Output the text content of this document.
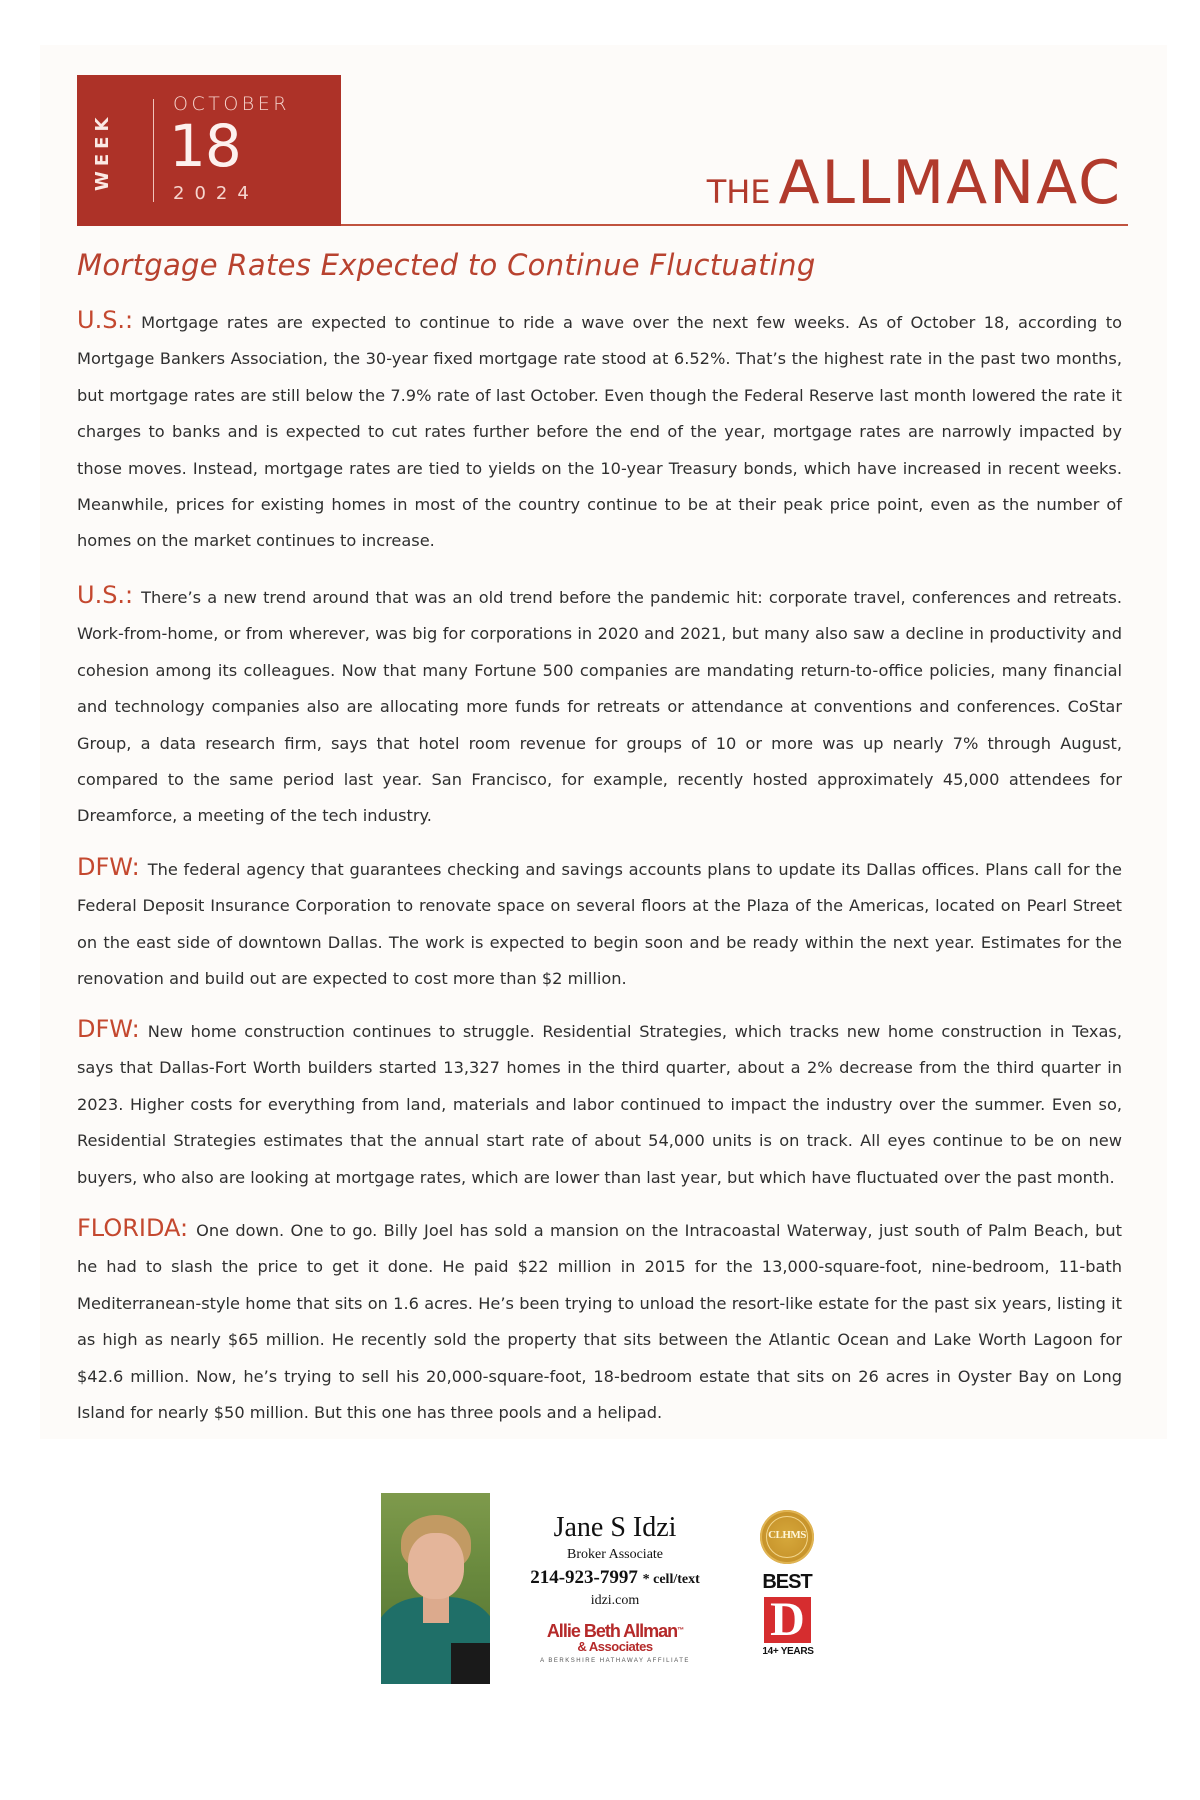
WEEK
OCTOBER
18
2024	THE ALLMANAC
Mortgage Rates Expected to Continue Fluctuating

U.S.: Mortgage rates are expected to continue to ride a wave over the next few weeks. As of October 18, according to Mortgage Bankers Association, the 30-year fixed mortgage rate stood at 6.52%. That’s the highest rate in the past two months, but mortgage rates are still below the 7.9% rate of last October. Even though the Federal Reserve last month lowered the rate it charges to banks and is expected to cut rates further before the end of the year, mortgage rates are narrowly impacted by those moves. Instead, mortgage rates are tied to yields on the 10-year Treasury bonds, which have increased in recent weeks. Meanwhile, prices for existing homes in most of the country continue to be at their peak price point, even as the number of homes on the market continues to increase.

U.S.: There’s a new trend around that was an old trend before the pandemic hit: corporate travel, conferences and retreats. Work-from-home, or from wherever, was big for corporations in 2020 and 2021, but many also saw a decline in productivity and cohesion among its colleagues. Now that many Fortune 500 companies are mandating return-to-office policies, many financial and technology companies also are allocating more funds for retreats or attendance at conventions and conferences. CoStar Group, a data research firm, says that hotel room revenue for groups of 10 or more was up nearly 7% through August, compared to the same period last year. San Francisco, for example, recently hosted approximately 45,000 attendees for Dreamforce, a meeting of the tech industry.

DFW: The federal agency that guarantees checking and savings accounts plans to update its Dallas offices. Plans call for the Federal Deposit Insurance Corporation to renovate space on several floors at the Plaza of the Americas, located on Pearl Street on the east side of downtown Dallas. The work is expected to begin soon and be ready within the next year. Estimates for the renovation and build out are expected to cost more than $2 million.

DFW: New home construction continues to struggle. Residential Strategies, which tracks new home construction in Texas, says that Dallas-Fort Worth builders started 13,327 homes in the third quarter, about a 2% decrease from the third quarter in 2023. Higher costs for everything from land, materials and labor continued to impact the industry over the summer. Even so, Residential Strategies estimates that the annual start rate of about 54,000 units is on track. All eyes continue to be on new buyers, who also are looking at mortgage rates, which are lower than last year, but which have fluctuated over the past month.

FLORIDA: One down. One to go. Billy Joel has sold a mansion on the Intracoastal Waterway, just south of Palm Beach, but he had to slash the price to get it done. He paid $22 million in 2015 for the 13,000-square-foot, nine-bedroom, 11-bath Mediterranean-style home that sits on 1.6 acres. He’s been trying to unload the resort-like estate for the past six years, listing it as high as nearly $65 million. He recently sold the property that sits between the Atlantic Ocean and Lake Worth Lagoon for $42.6 million. Now, he’s trying to sell his 20,000-square-foot, 18-bedroom estate that sits on 26 acres in Oyster Bay on Long Island for nearly $50 million. But this one has three pools and a helipad.

Jane S Idzi
Broker Associate
214-923-7997 * cell/text
idzi.com
Allie Beth Allman™
& Associates
A BERKSHIRE HATHAWAY AFFILIATE
CLHMS
BEST
D
14+ YEARS
